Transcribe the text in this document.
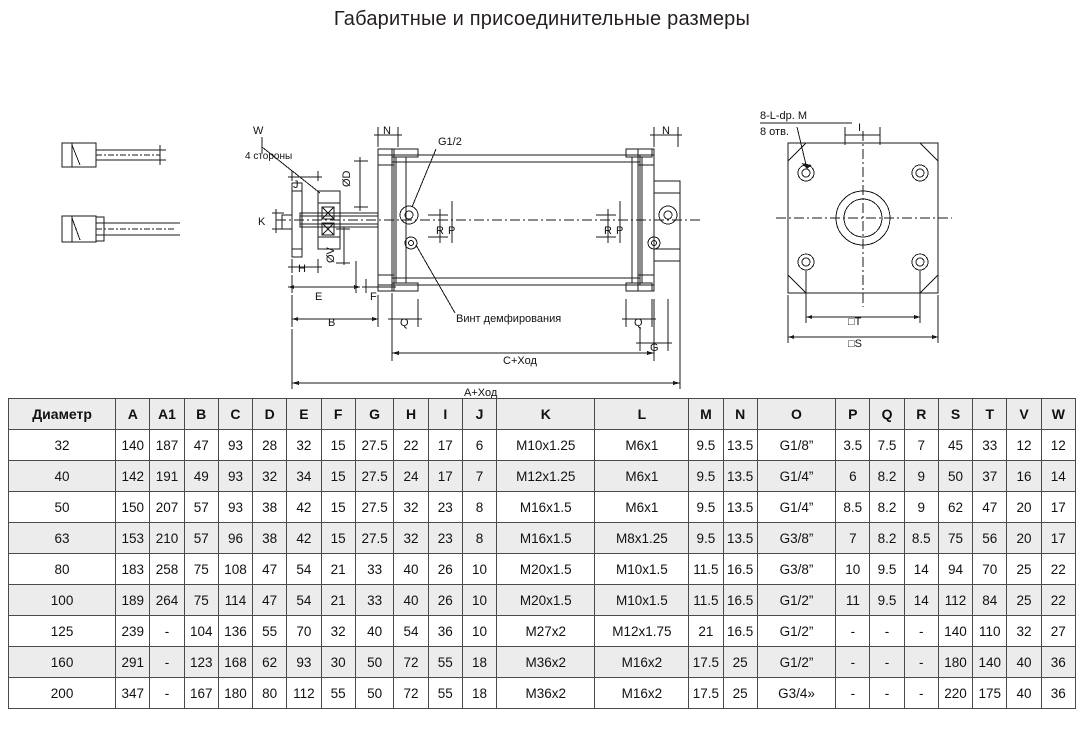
Габаритные и присоединительные размеры
W
4 стороны
J
K
H
E	F
B	Q	Q
G
N	N
ØD
ØV
G1/2
R P	R P
Винт демфирования
C+Ход
A+Ход
8-L-dp. M
8 отв.	I
□T
□S
Диаметр	A	A1	B	C	D	E	F	G	H	I	J	K	L	M	N	O	P	Q	R	S	T	V	W
32	140	187	47	93	28	32	15	27.5	22	17	6	M10x1.25	M6x1	9.5	13.5	G1/8”	3.5	7.5	7	45	33	12	12
40	142	191	49	93	32	34	15	27.5	24	17	7	M12x1.25	M6x1	9.5	13.5	G1/4”	6	8.2	9	50	37	16	14
50	150	207	57	93	38	42	15	27.5	32	23	8	M16x1.5	M6x1	9.5	13.5	G1/4”	8.5	8.2	9	62	47	20	17
63	153	210	57	96	38	42	15	27.5	32	23	8	M16x1.5	M8x1.25	9.5	13.5	G3/8”	7	8.2	8.5	75	56	20	17
80	183	258	75	108	47	54	21	33	40	26	10	M20x1.5	M10x1.5	11.5	16.5	G3/8”	10	9.5	14	94	70	25	22
100	189	264	75	114	47	54	21	33	40	26	10	M20x1.5	M10x1.5	11.5	16.5	G1/2”	11	9.5	14	112	84	25	22
125	239	-	104	136	55	70	32	40	54	36	10	M27x2	M12x1.75	21	16.5	G1/2”	-	-	-	140	110	32	27
160	291	-	123	168	62	93	30	50	72	55	18	M36x2	M16x2	17.5	25	G1/2”	-	-	-	180	140	40	36
200	347	-	167	180	80	112	55	50	72	55	18	M36x2	M16x2	17.5	25	G3/4»	-	-	-	220	175	40	36
